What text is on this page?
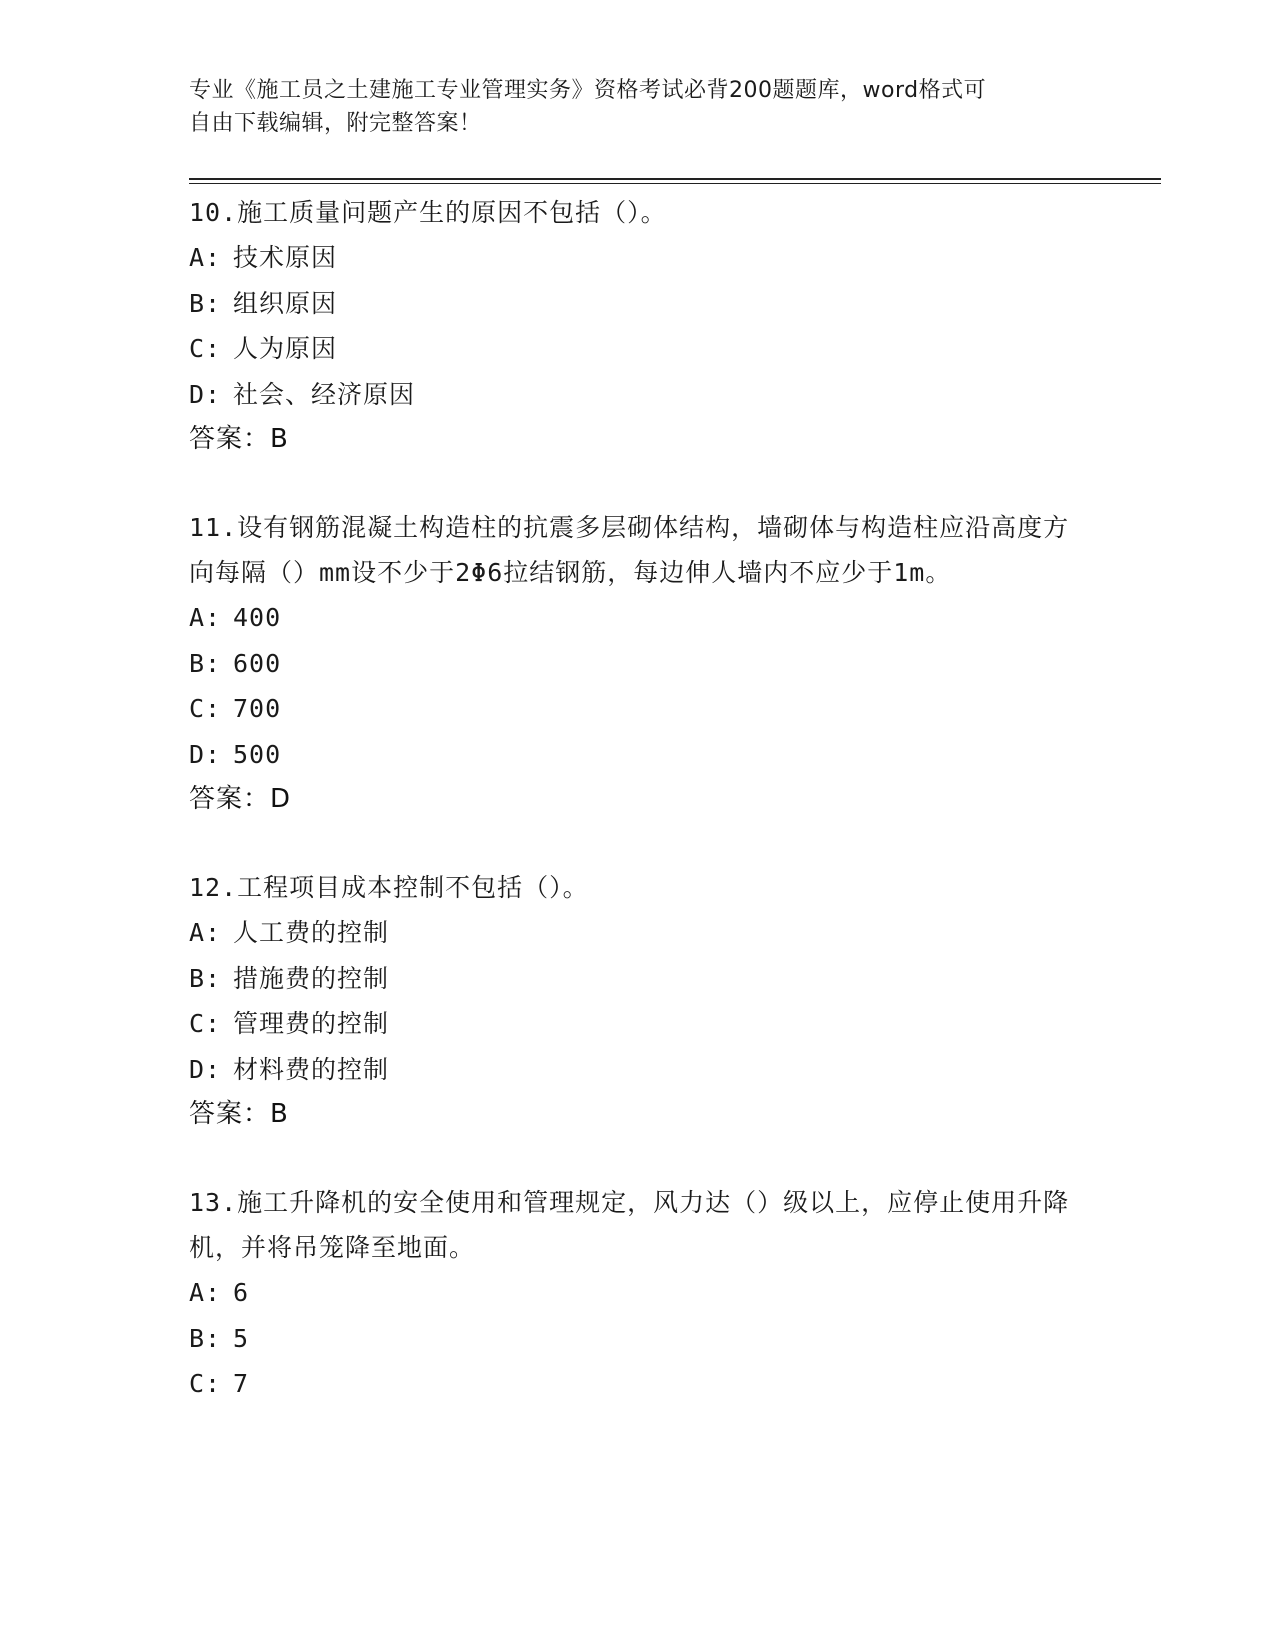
专业《施工员之土建施工专业管理实务》资格考试必背200题题库，word格式可
自由下载编辑，附完整答案！

10.施工质量问题产生的原因不包括（）。

A: 技术原因

B: 组织原因

C: 人为原因

D: 社会、经济原因

答案：B

11.设有钢筋混凝土构造柱的抗震多层砌体结构，墙砌体与构造柱应沿高度方向每隔（）mm设不少于2Φ6拉结钢筋，每边伸人墙内不应少于1m。

A: 400

B: 600

C: 700

D: 500

答案：D

12.工程项目成本控制不包括（）。

A: 人工费的控制

B: 措施费的控制

C: 管理费的控制

D: 材料费的控制

答案：B

13.施工升降机的安全使用和管理规定，风力达（）级以上，应停止使用升降机，并将吊笼降至地面。

A: 6

B: 5

C: 7
